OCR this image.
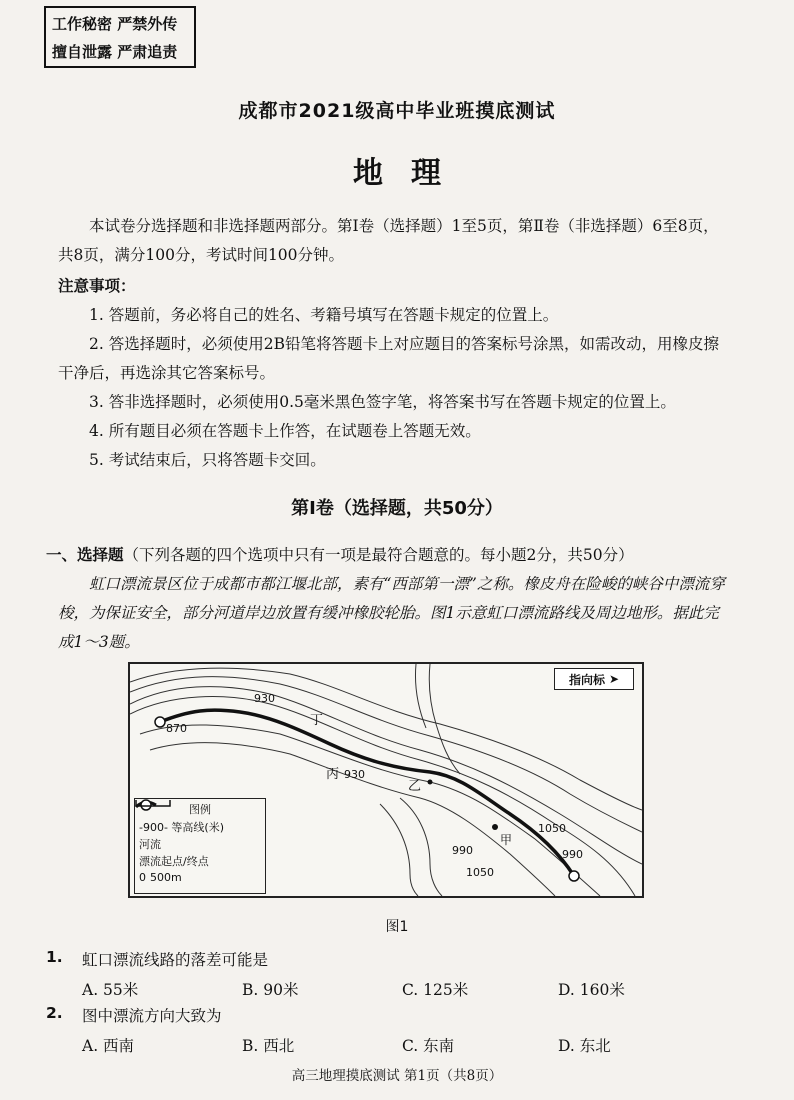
工作秘密 严禁外传
擅自泄露 严肃追责
成都市2021级高中毕业班摸底测试
地理
本试卷分选择题和非选择题两部分。第Ⅰ卷（选择题）1至5页，第Ⅱ卷（非选择题）6至8页，共8页，满分100分，考试时间100分钟。
注意事项：
1. 答题前，务必将自己的姓名、考籍号填写在答题卡规定的位置上。
2. 答选择题时，必须使用2B铅笔将答题卡上对应题目的答案标号涂黑，如需改动，用橡皮擦干净后，再选涂其它答案标号。
3. 答非选择题时，必须使用0.5毫米黑色签字笔，将答案书写在答题卡规定的位置上。
4. 所有题目必须在答题卡上作答，在试题卷上答题无效。
5. 考试结束后，只将答题卡交回。
第Ⅰ卷（选择题，共50分）
一、选择题（下列各题的四个选项中只有一项是最符合题意的。每小题2分，共50分）
虹口漂流景区位于成都市都江堰北部，素有“西部第一漂”之称。橡皮舟在险峻的峡谷中漂流穿梭，为保证安全，部分河道岸边放置有缓冲橡胶轮胎。图1示意虹口漂流路线及周边地形。据此完成1～3题。
930
870
930
1050
990	990
1050
丁
丙
乙
甲
指向标 ➤
图例
-900- 等高线(米)
河流
漂流起点/终点
0 500m
图1
1. 虹口漂流线路的落差可能是
A. 55米	B. 90米	C. 125米	D. 160米
2. 图中漂流方向大致为
A. 西南	B. 西北	C. 东南	D. 东北
高三地理摸底测试 第1页（共8页）
